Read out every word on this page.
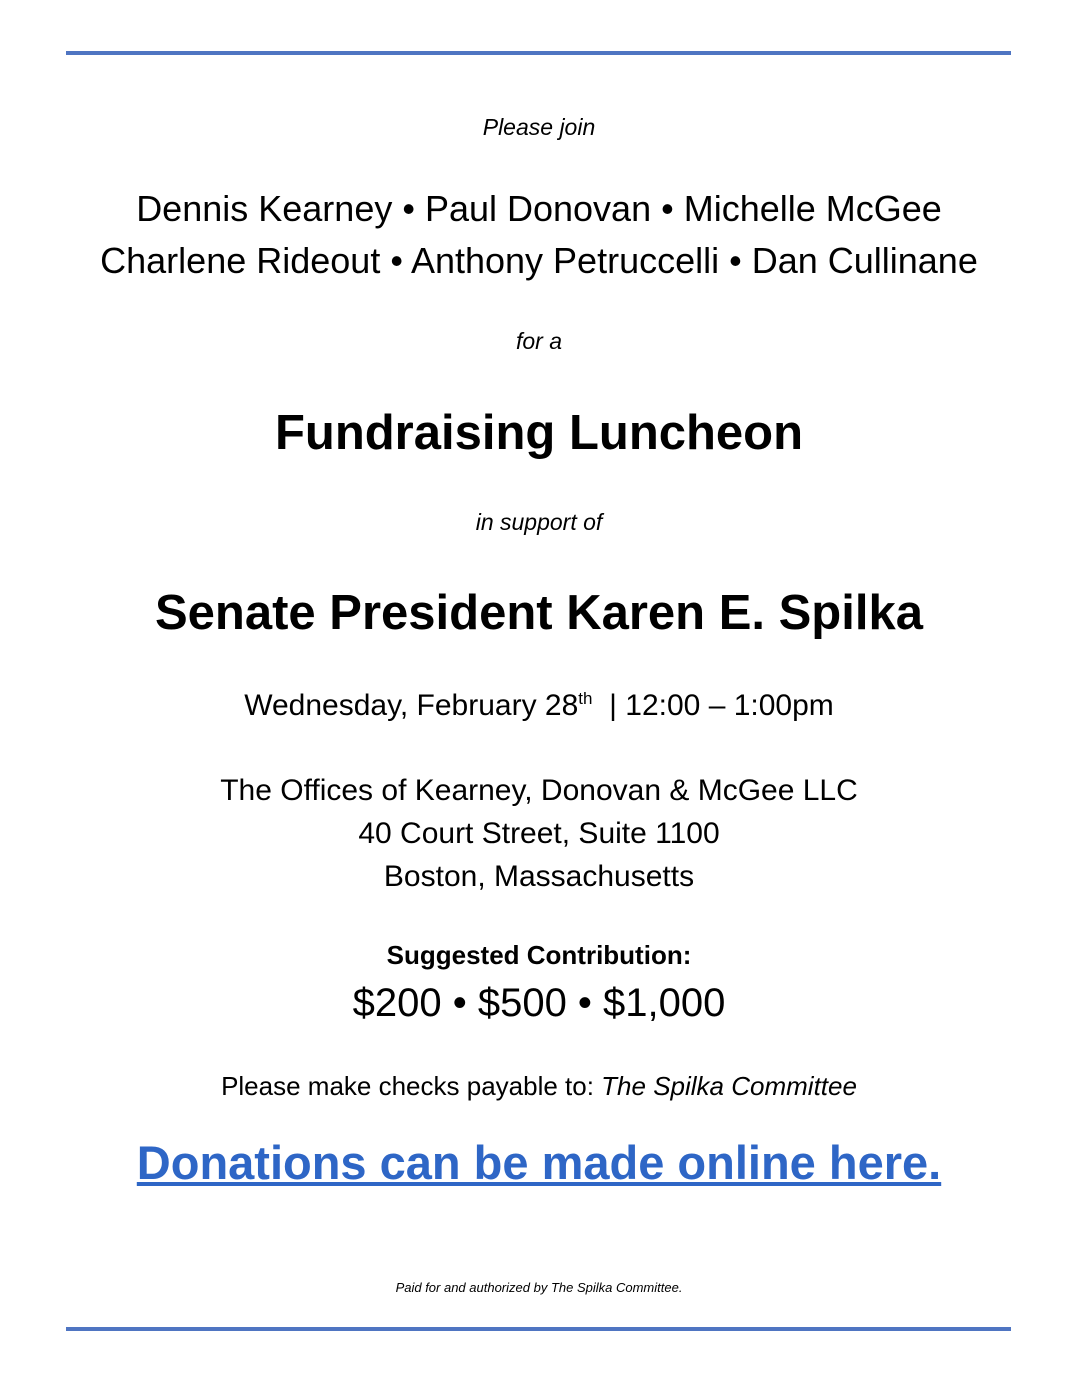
Please join
Dennis Kearney • Paul Donovan • Michelle McGee
Charlene Rideout • Anthony Petruccelli • Dan Cullinane
for a
Fundraising Luncheon
in support of
Senate President Karen E. Spilka
Wednesday, February 28th | 12:00 – 1:00pm
The Offices of Kearney, Donovan & McGee LLC
40 Court Street, Suite 1100
Boston, Massachusetts
Suggested Contribution:
$200 • $500 • $1,000
Please make checks payable to: The Spilka Committee
Donations can be made online here.
Paid for and authorized by The Spilka Committee.
